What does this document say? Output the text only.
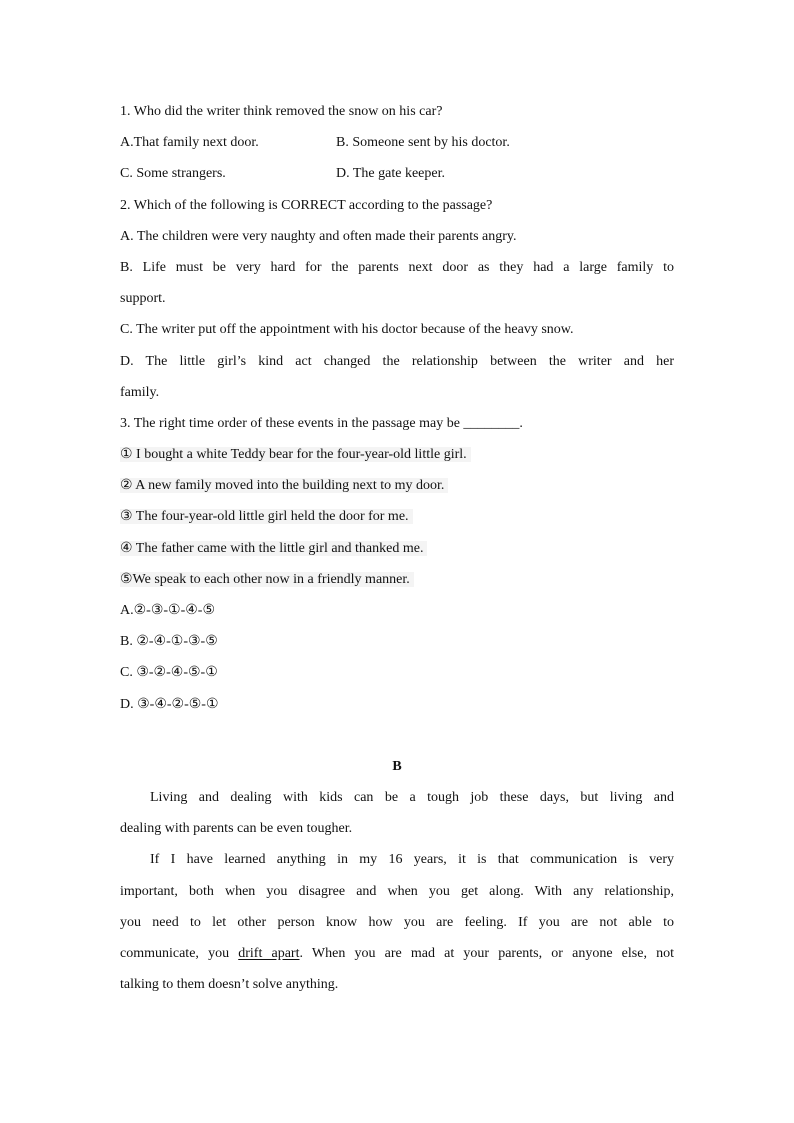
1. Who did the writer think removed the snow on his car?
A.That family next door.	B. Someone sent by his doctor.
C. Some strangers.	D. The gate keeper.
2. Which of the following is CORRECT according to the passage?
A. The children were very naughty and often made their parents angry.
B. Life must be very hard for the parents next door as they had a large family to
support.
C. The writer put off the appointment with his doctor because of the heavy snow.
D. The little girl’s kind act changed the relationship between the writer and her
family.
3. The right time order of these events in the passage may be ________.
① I bought a white Teddy bear for the four-year-old little girl.
② A new family moved into the building next to my door.
③ The four-year-old little girl held the door for me.
④ The father came with the little girl and thanked me.
⑤We speak to each other now in a friendly manner.
A.②-③-①-④-⑤
B. ②-④-①-③-⑤
C. ③-②-④-⑤-①
D. ③-④-②-⑤-①
B
Living and dealing with kids can be a tough job these days, but living and
dealing with parents can be even tougher.
If I have learned anything in my 16 years, it is that communication is very
important, both when you disagree and when you get along. With any relationship,
you need to let other person know how you are feeling. If you are not able to
communicate, you drift apart. When you are mad at your parents, or anyone else, not
talking to them doesn’t solve anything.
